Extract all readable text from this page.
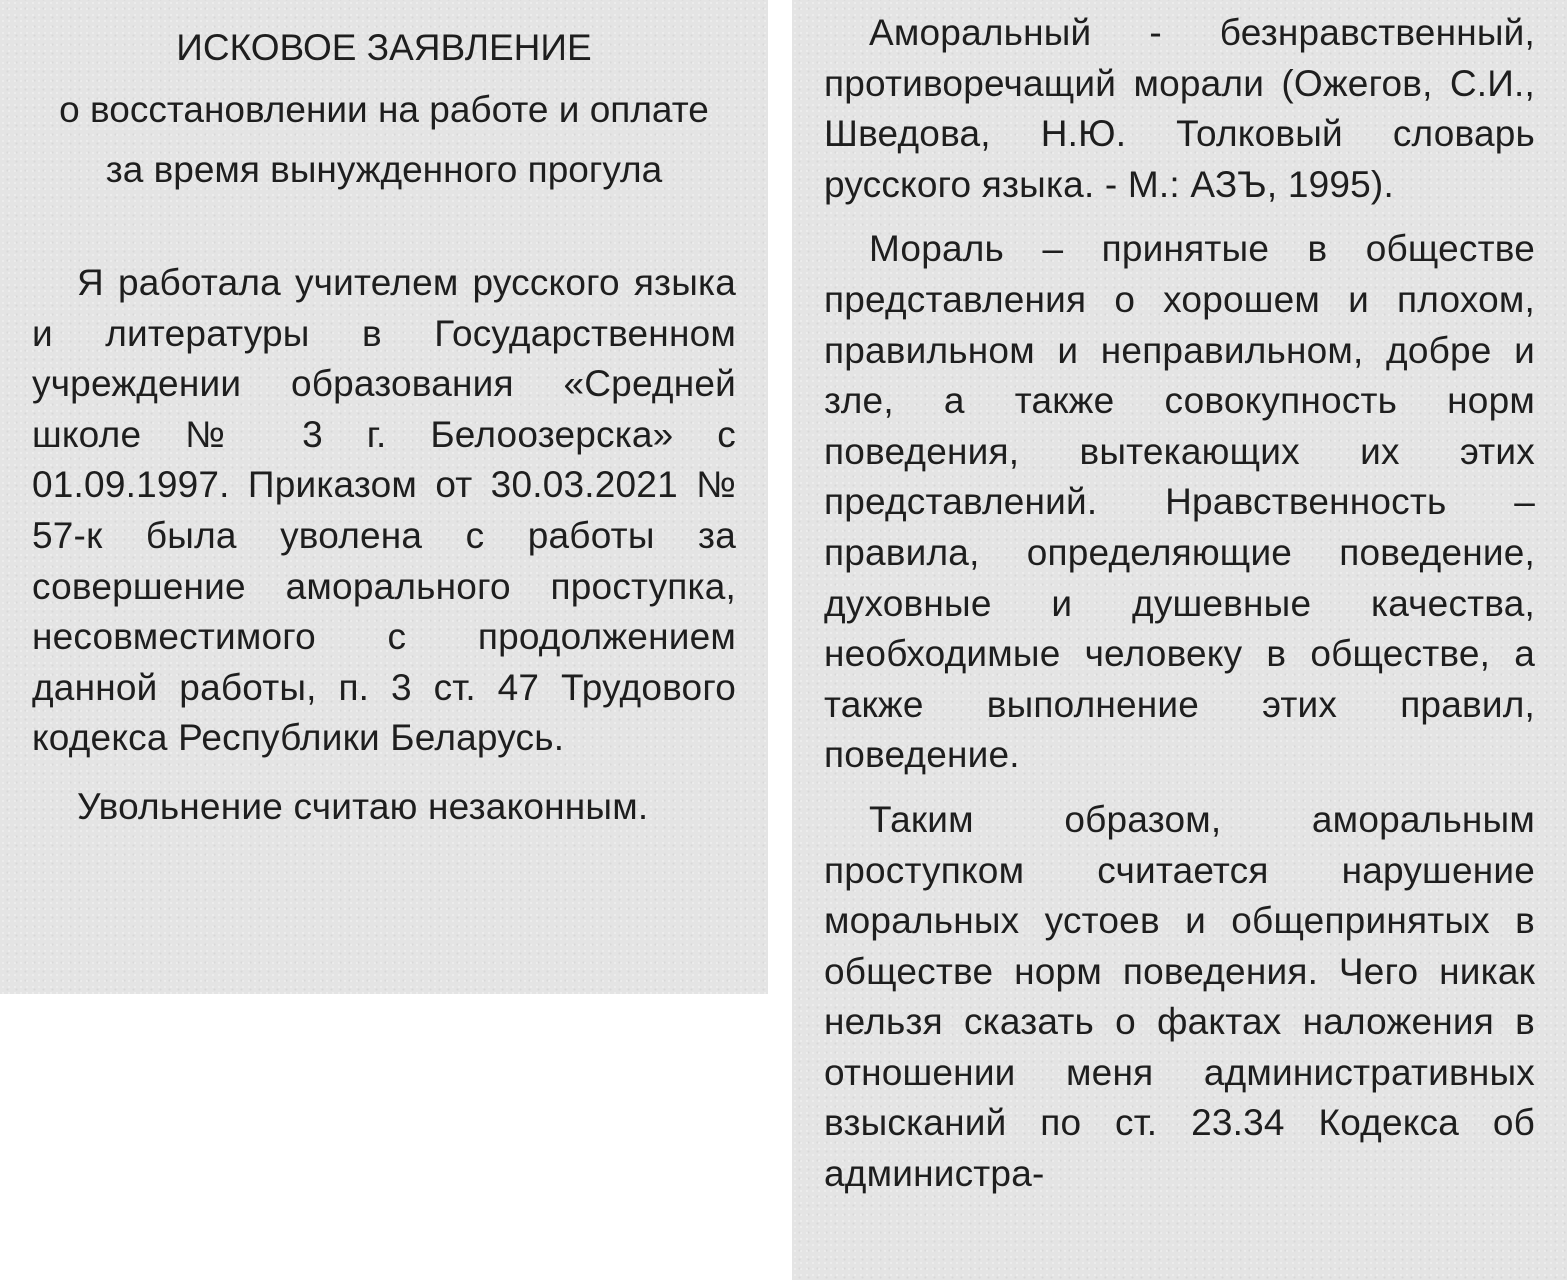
ИСКОВОЕ ЗАЯВЛЕНИЕ

о восстановлении на работе и оплате

за время вынужденного прогула

Я работала учителем русского языка и литературы в Государственном учреждении образования «Средней школе № 3 г. Белоозерска» с 01.09.1997. Приказом от 30.03.2021 № 57-к была уволена с работы за совершение аморального проступка, несовместимого с продолжением данной работы, п. 3 ст. 47 Трудового кодекса Республики Беларусь.

Увольнение считаю незаконным.

Аморальный - безнравственный, противоречащий морали (Ожегов, С.И., Шведова, Н.Ю. Толковый словарь русского языка. - М.: АЗЪ, 1995).

Мораль – принятые в обществе представления о хорошем и плохом, правильном и неправильном, добре и зле, а также совокупность норм поведения, вытекающих их этих представлений. Нравственность – правила, определяющие поведение, духовные и душевные качества, необходимые человеку в обществе, а также выполнение этих правил, поведение.

Таким образом, аморальным проступком считается нарушение моральных устоев и общепринятых в обществе норм поведения. Чего никак нельзя сказать о фактах наложения в отношении меня административных взысканий по ст. 23.34 Кодекса об администра-
